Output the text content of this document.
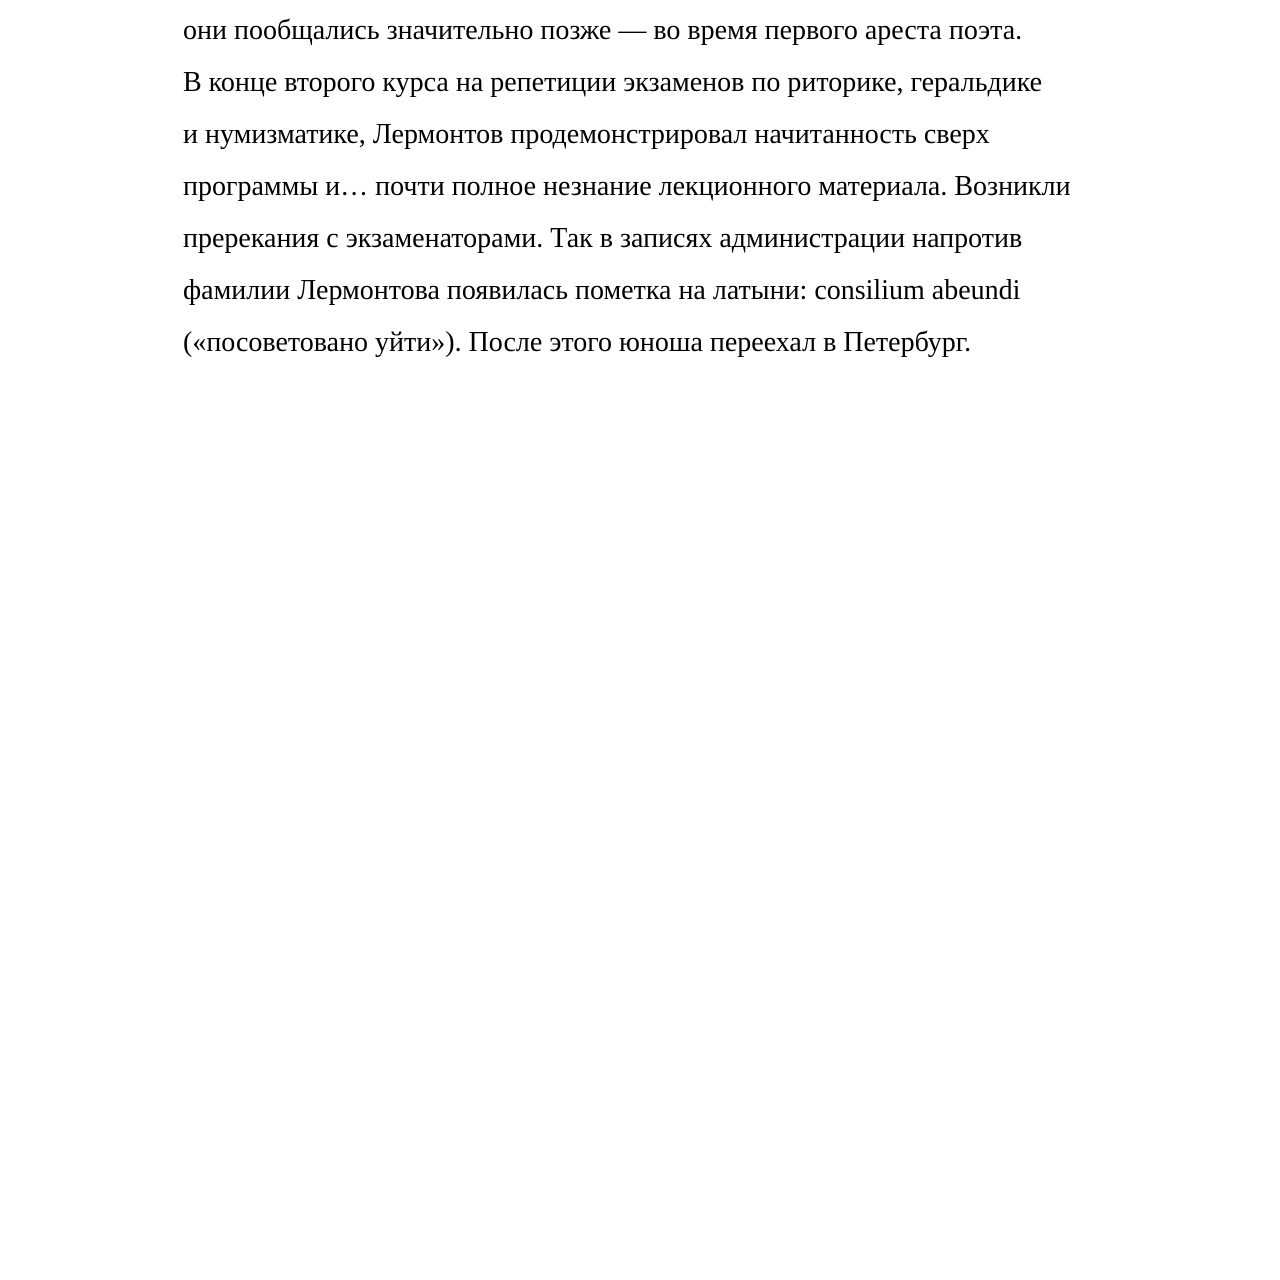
они пообщались значительно позже — во время первого ареста поэта.
В конце второго курса на репетиции экзаменов по риторике, геральдике
и нумизматике, Лермонтов продемонстрировал начитанность сверх
программы и… почти полное незнание лекционного материала. Возникли
пререкания с экзаменаторами. Так в записях администрации напротив
фамилии Лермонтова появилась пометка на латыни: consilium abeundi
(«посоветовано уйти»). После этого юноша переехал в Петербург.
